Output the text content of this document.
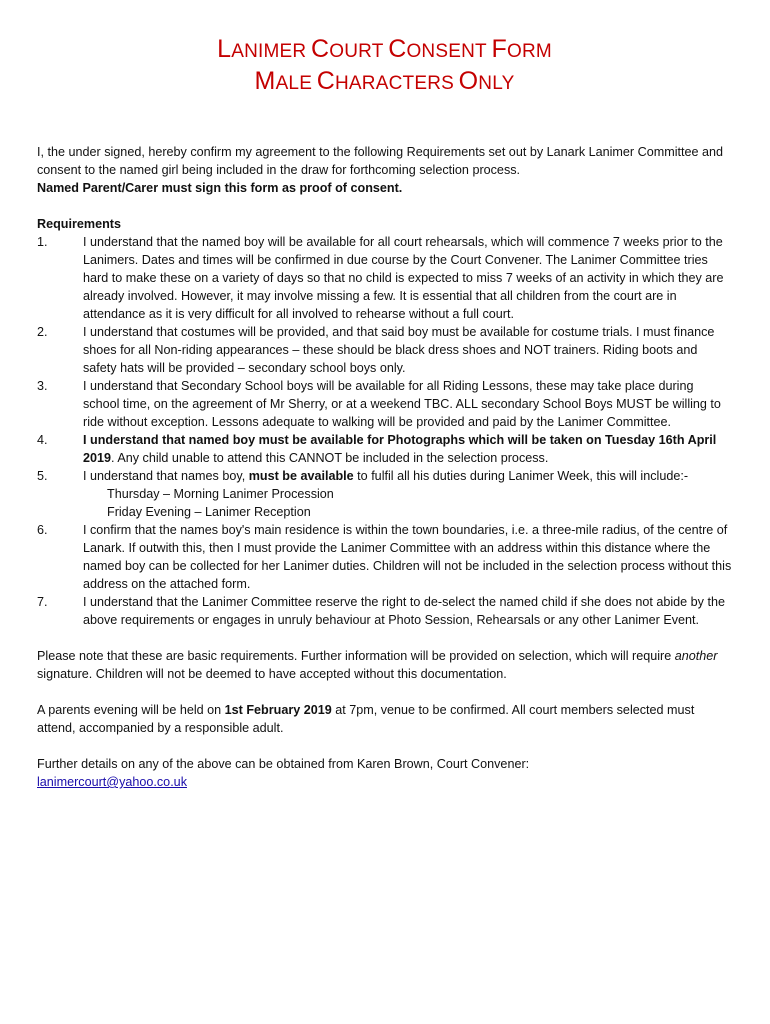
LANIMER COURT CONSENT FORM
MALE CHARACTERS ONLY
I, the under signed, hereby confirm my agreement to the following Requirements set out by Lanark Lanimer Committee and consent to the named girl being included in the draw for forthcoming selection process.
Named Parent/Carer must sign this form as proof of consent.
Requirements
1.	I understand that the named boy will be available for all court rehearsals, which will commence 7 weeks prior to the Lanimers. Dates and times will be confirmed in due course by the Court Convener. The Lanimer Committee tries hard to make these on a variety of days so that no child is expected to miss 7 weeks of an activity in which they are already involved. However, it may involve missing a few. It is essential that all children from the court are in attendance as it is very difficult for all involved to rehearse without a full court.
2.	I understand that costumes will be provided, and that said boy must be available for costume trials. I must finance shoes for all Non-riding appearances – these should be black dress shoes and NOT trainers. Riding boots and safety hats will be provided – secondary school boys only.
3.	I understand that Secondary School boys will be available for all Riding Lessons, these may take place during school time, on the agreement of Mr Sherry, or at a weekend TBC. ALL secondary School Boys MUST be willing to ride without exception. Lessons adequate to walking will be provided and paid by the Lanimer Committee.
4.	I understand that named boy must be available for Photographs which will be taken on Tuesday 16th April 2019. Any child unable to attend this CANNOT be included in the selection process.
5.	I understand that names boy, must be available to fulfil all his duties during Lanimer Week, this will include:-
Thursday – Morning Lanimer Procession
Friday Evening – Lanimer Reception
6.	I confirm that the names boy's main residence is within the town boundaries, i.e. a three-mile radius, of the centre of Lanark. If outwith this, then I must provide the Lanimer Committee with an address within this distance where the named boy can be collected for her Lanimer duties. Children will not be included in the selection process without this address on the attached form.
7.	I understand that the Lanimer Committee reserve the right to de-select the named child if she does not abide by the above requirements or engages in unruly behaviour at Photo Session, Rehearsals or any other Lanimer Event.
Please note that these are basic requirements. Further information will be provided on selection, which will require another signature. Children will not be deemed to have accepted without this documentation.
A parents evening will be held on 1st February 2019 at 7pm, venue to be confirmed. All court members selected must attend, accompanied by a responsible adult.
Further details on any of the above can be obtained from Karen Brown, Court Convener:
lanimercourt@yahoo.co.uk
